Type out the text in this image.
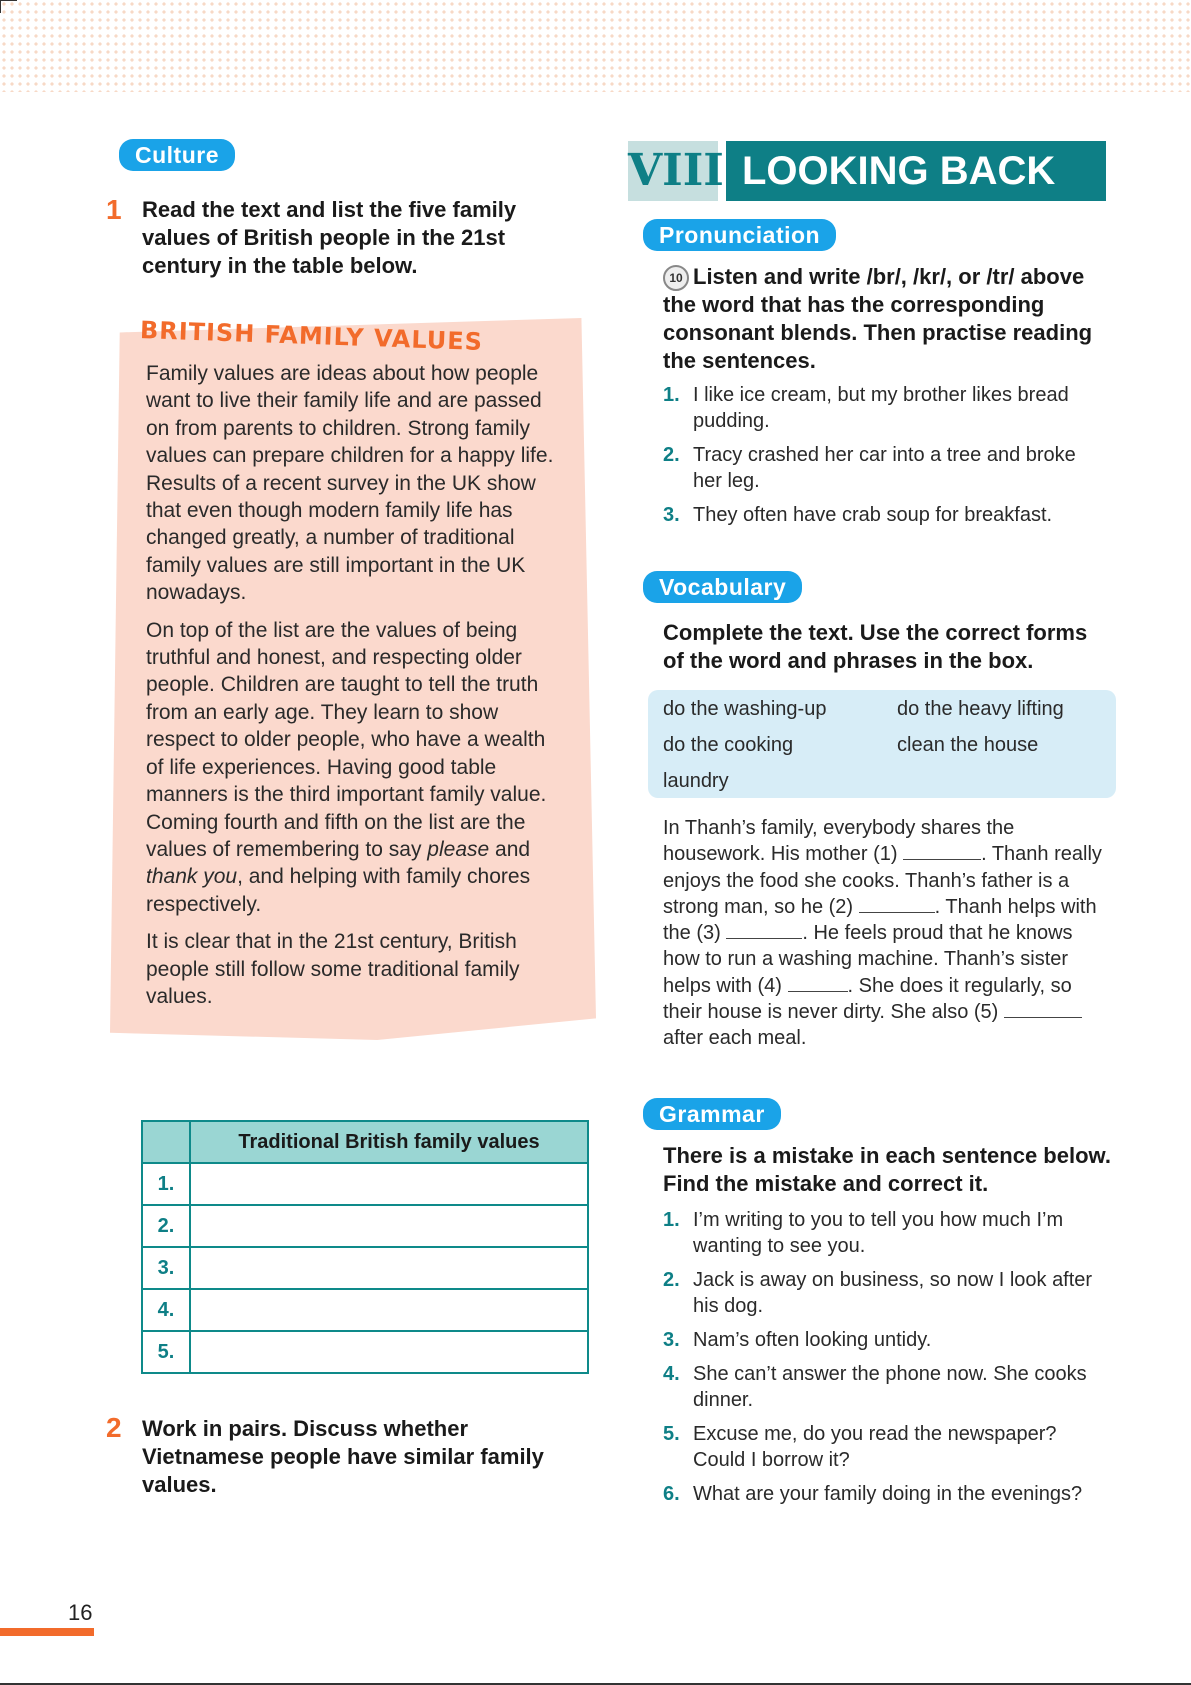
Culture
1 Read the text and list the five family values of British people in the 21st century in the table below.
BRITISH FAMILY VALUES

Family values are ideas about how people want to live their family life and are passed on from parents to children. Strong family values can prepare children for a happy life. Results of a recent survey in the UK show that even though modern family life has changed greatly, a number of traditional family values are still important in the UK nowadays.

On top of the list are the values of being truthful and honest, and respecting older people. Children are taught to tell the truth from an early age. They learn to show respect to older people, who have a wealth of life experiences. Having good table manners is the third important family value. Coming fourth and fifth on the list are the values of remembering to say please and thank you, and helping with family chores respectively.

It is clear that in the 21st century, British people still follow some traditional family values.

	Traditional British family values
1.	
2.	
3.	
4.	
5.	
2 Work in pairs. Discuss whether Vietnamese people have similar family values.
VIII LOOKING BACK
Pronunciation
10 Listen and write /br/, /kr/, or /tr/ above the word that has the corresponding consonant blends. Then practise reading the sentences.
1. I like ice cream, but my brother likes bread pudding.
2. Tracy crashed her car into a tree and broke her leg.
3. They often have crab soup for breakfast.
Vocabulary
Complete the text. Use the correct forms of the word and phrases in the box.
do the washing-up	do the heavy lifting
do the cooking	clean the house
laundry
In Thanh’s family, everybody shares the housework. His mother (1)	. Thanh really enjoys the food she cooks. Thanh’s father is a strong man, so he (2)	. Thanh helps with the (3)	. He feels proud that he knows how to run a washing machine. Thanh’s sister helps with (4)	. She does it regularly, so their house is never dirty. She also (5)  after each meal.
Grammar
There is a mistake in each sentence below. Find the mistake and correct it.
1. I’m writing to you to tell you how much I’m wanting to see you.
2. Jack is away on business, so now I look after his dog.
3. Nam’s often looking untidy.
4. She can’t answer the phone now. She cooks dinner.
5. Excuse me, do you read the newspaper? Could I borrow it?
6. What are your family doing in the evenings?
16
